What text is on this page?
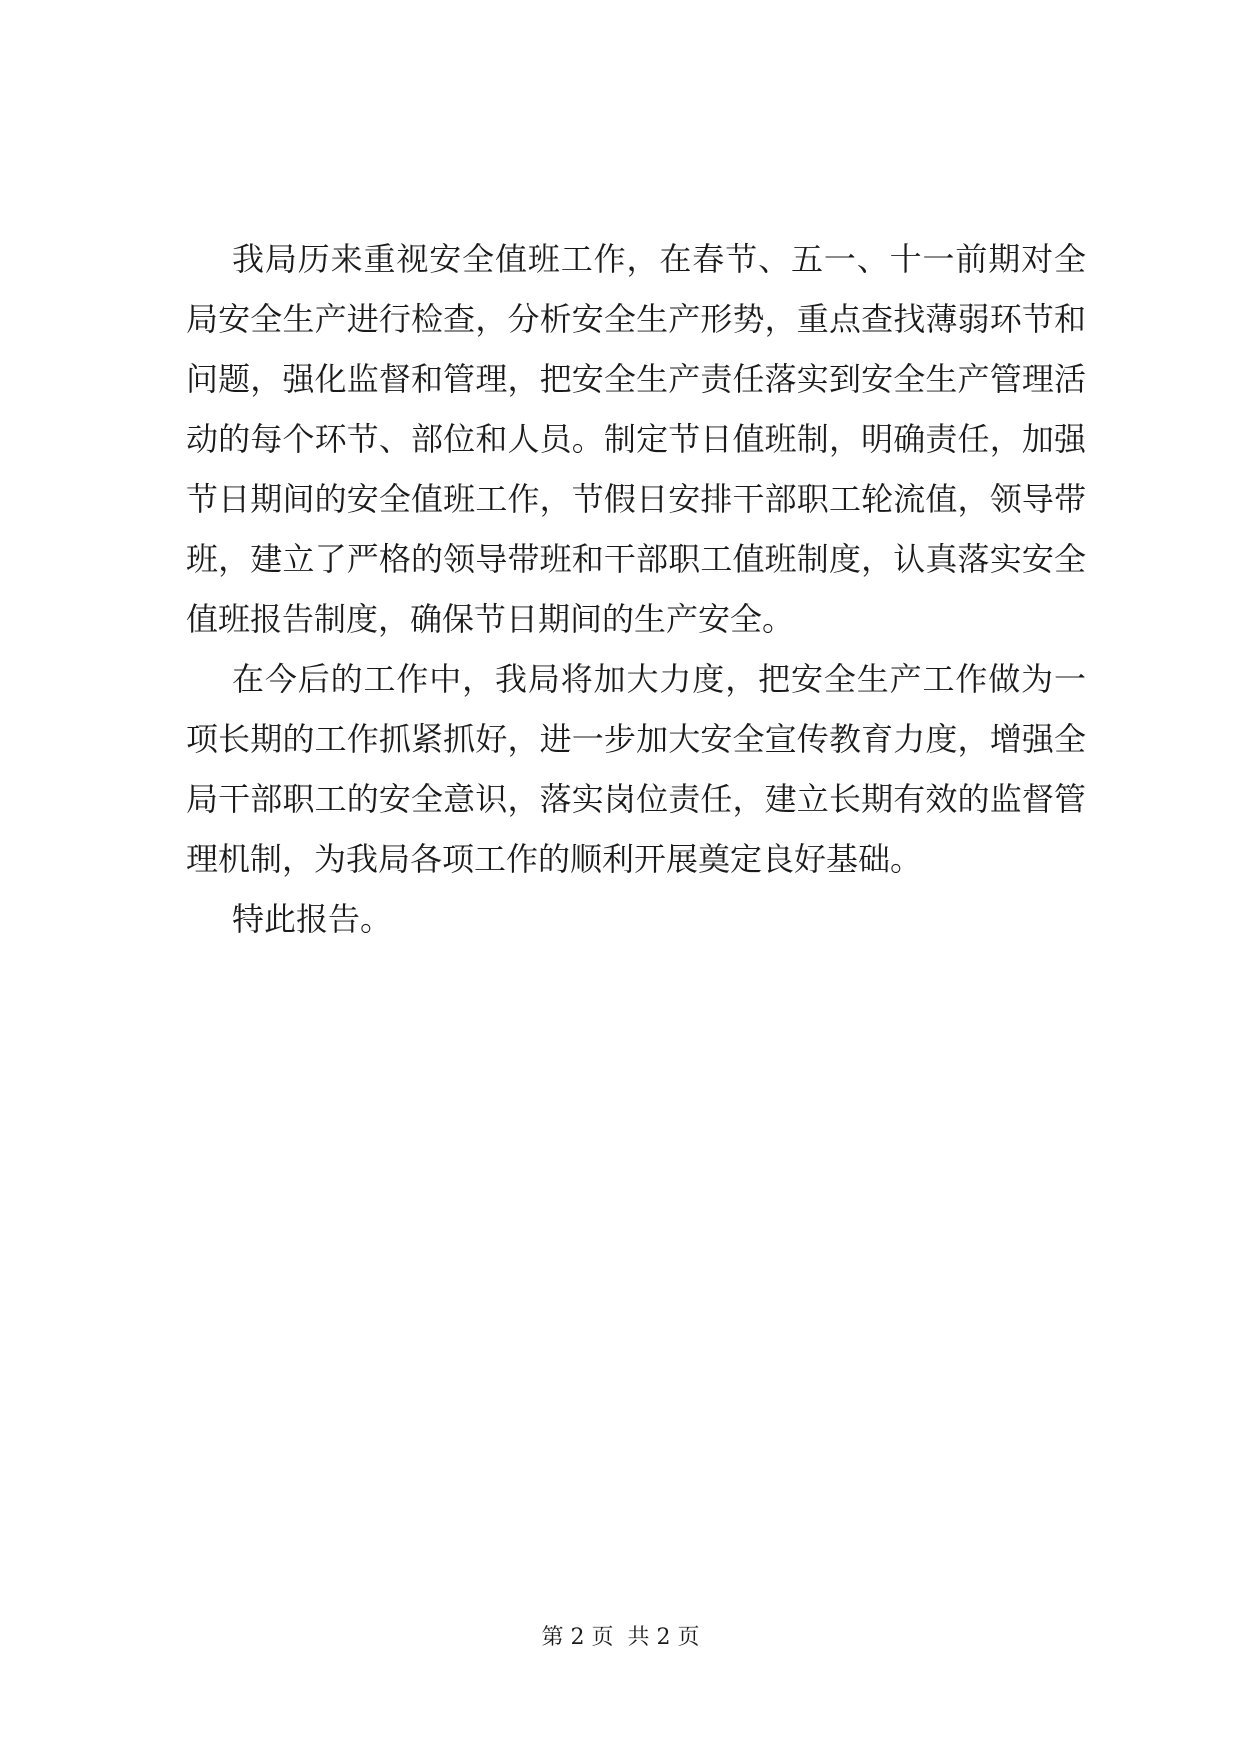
我局历来重视安全值班工作，在春节、五一、十一前期对全
局安全生产进行检查，分析安全生产形势，重点查找薄弱环节和
问题，强化监督和管理，把安全生产责任落实到安全生产管理活
动的每个环节、部位和人员。制定节日值班制，明确责任，加强
节日期间的安全值班工作，节假日安排干部职工轮流值，领导带
班，建立了严格的领导带班和干部职工值班制度，认真落实安全
值班报告制度，确保节日期间的生产安全。
在今后的工作中，我局将加大力度，把安全生产工作做为一
项长期的工作抓紧抓好，进一步加大安全宣传教育力度，增强全
局干部职工的安全意识，落实岗位责任，建立长期有效的监督管
理机制，为我局各项工作的顺利开展奠定良好基础。
特此报告。
第 2 页 共 2 页
